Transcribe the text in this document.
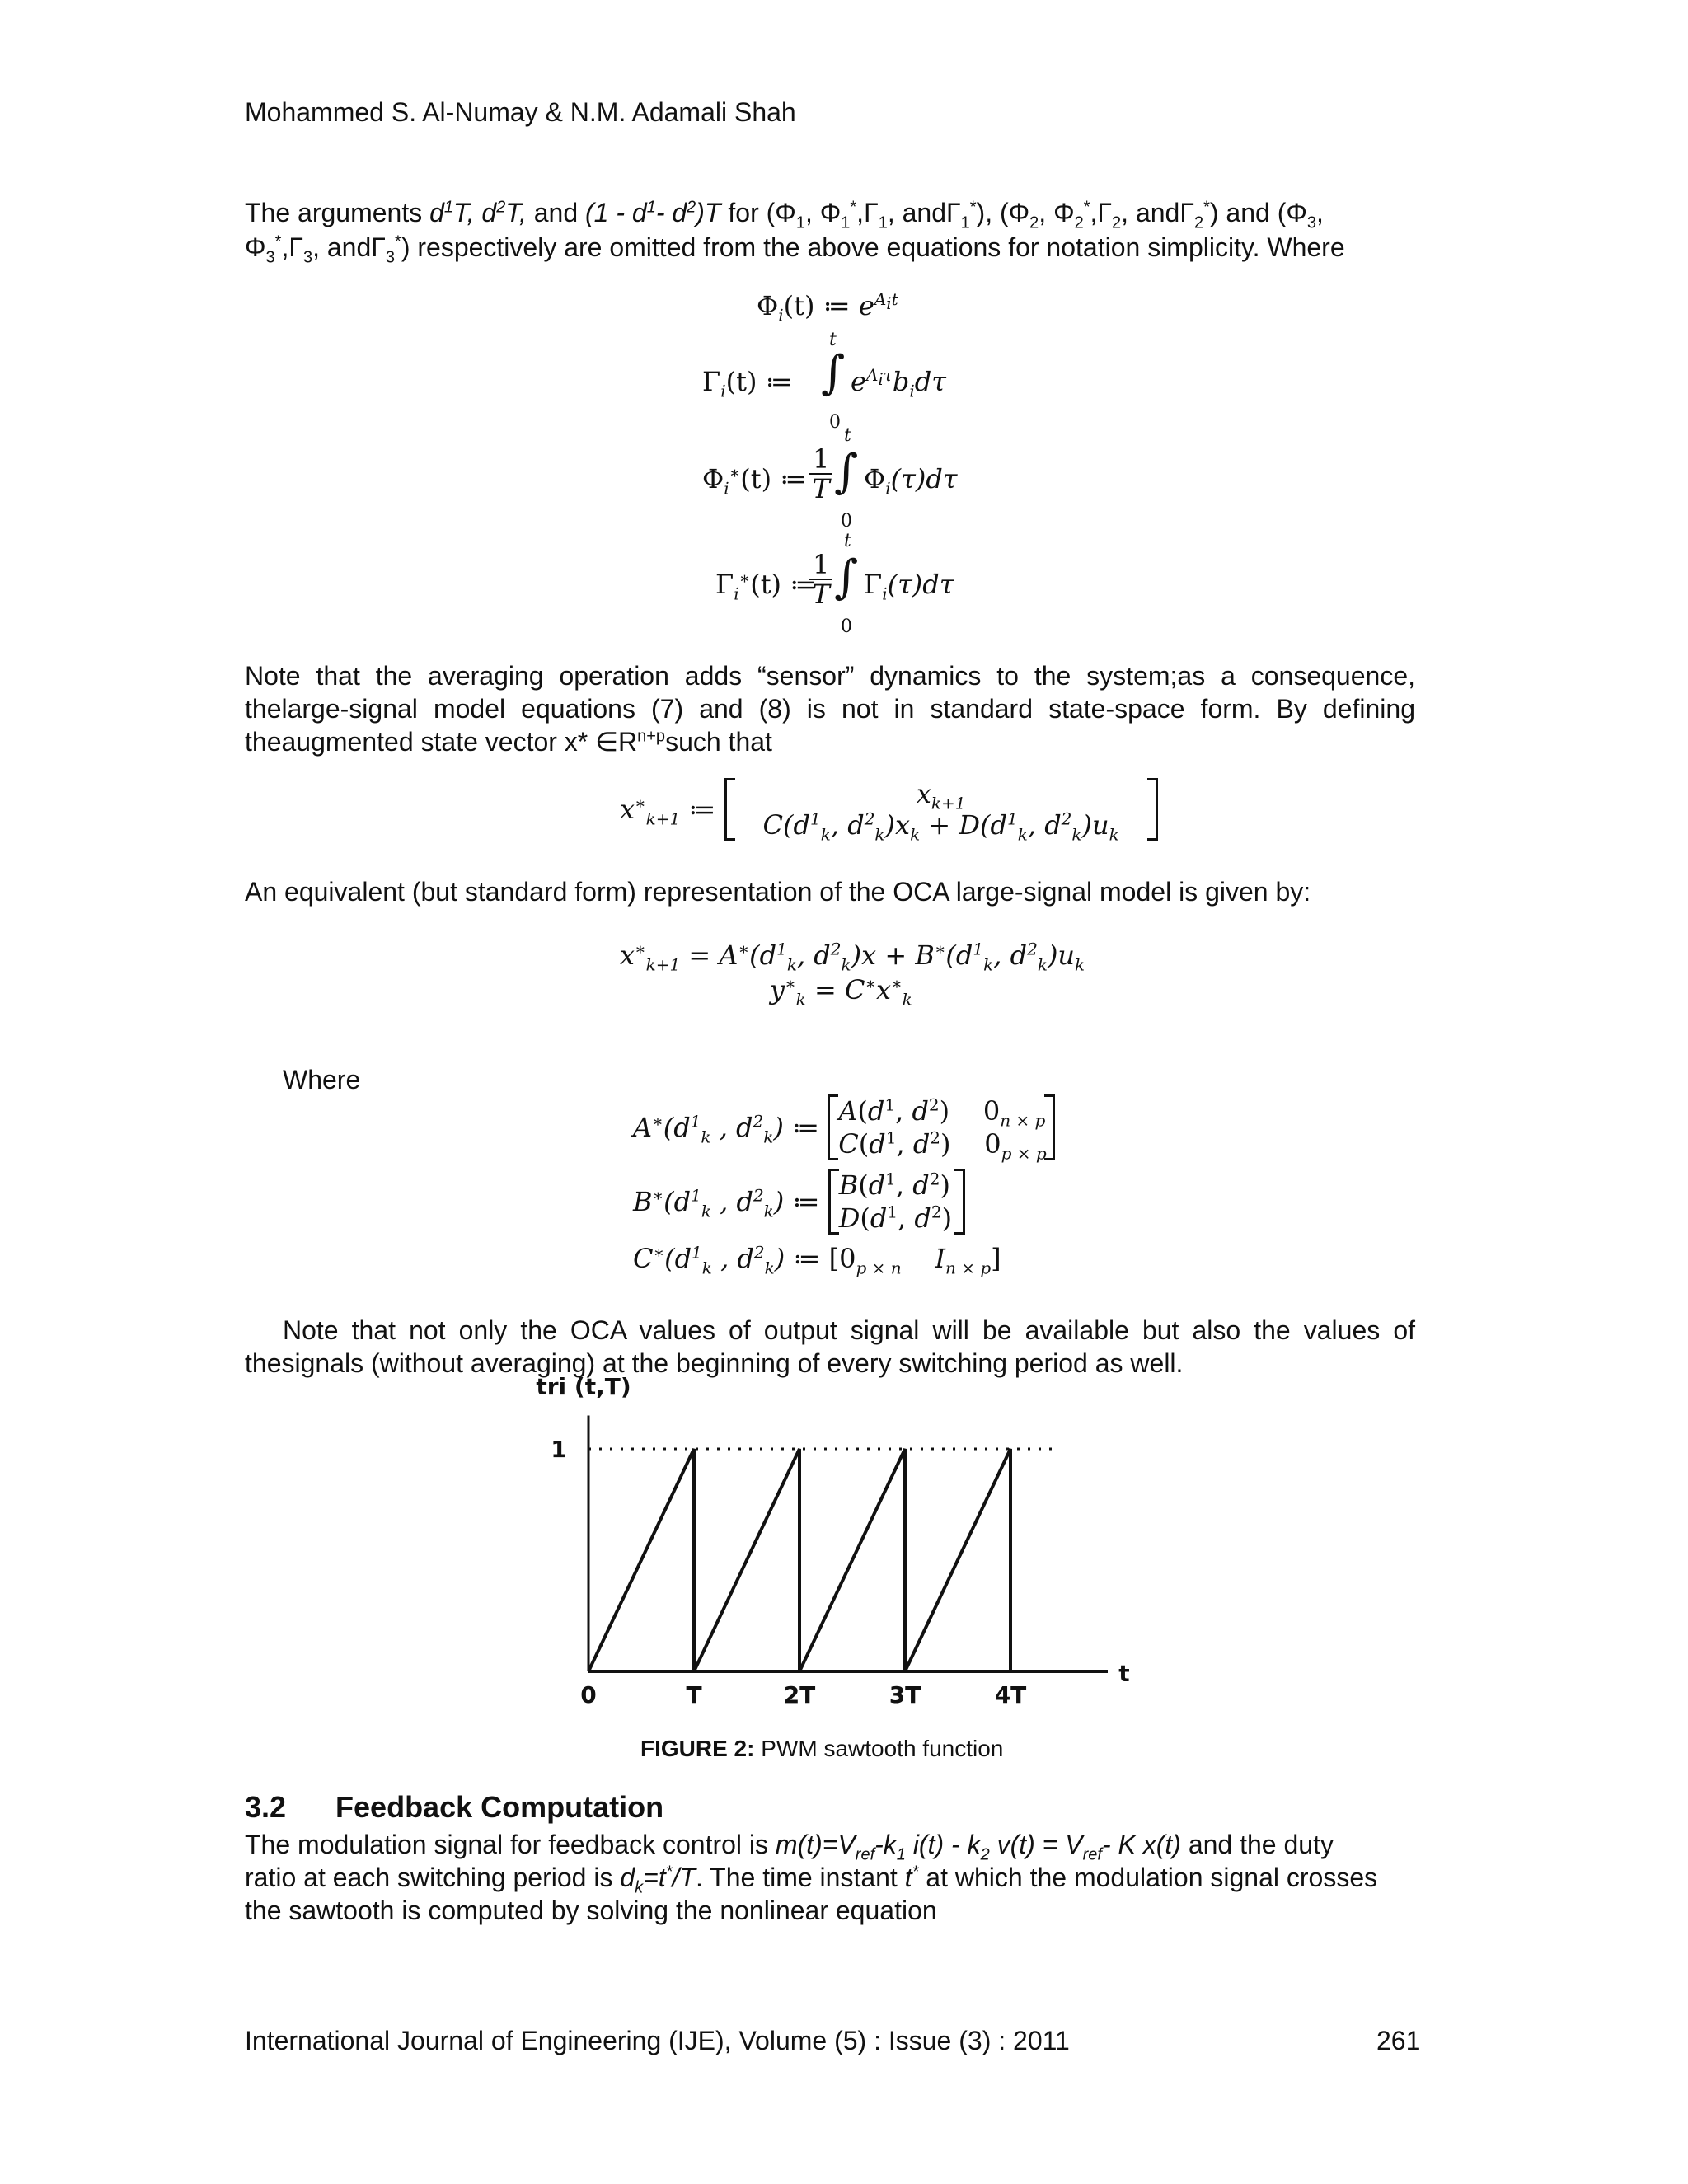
Mohammed S. Al-Numay & N.M. Adamali Shah
The arguments $d^1T$, $d^2T$, and ($1 - d^1-$ $d^2)T$ for ($\Phi_1$, $\Phi_1^*,\Gamma_1$, andΓ$_1$*), ($\Phi_2$, $\Phi_2^*,\Gamma_2$, andΓ$_2$*) and ($\Phi_3$,
$\Phi_3^*,\Gamma_3$, andΓ$_3$*) respectively are omitted from the above equations for notation simplicity. Where
$\Phi_i(t)$ ≔ $e^{A_it}$
t
$\Gamma_i(t)$ ≔ ∫ $e^{A_i\tau}b_id\tau$
0
t
$\Phi_i^∗(t)$ ≔ $\frac{1}{T}$ ∫ $\Phi_i(\tau)d\tau$
0
t
$\Gamma_i^∗(t)$ ≔
$\frac{1}{T}$ ∫ $\Gamma_i(\tau)d\tau$
0
Note that the averaging operation adds “sensor” dynamics to the system;as a consequence,
thelarge-signal model equations (7) and (8) is not in standard state-space form. By defining
theaugmented state vector x* $\in R^{n+p}such$ that
$x^∗_{k+1}$ ≔	$x_{k+1}$
$C(d^1_k$, $d^2_k)x_k + D(d^1_k$, $d^2_k)u_k$
An equivalent (but standard form) representation of the OCA large-signal model is given by:
$x^∗_{k+1} = A^∗(d^1_k$, $d^2_k)x + B^∗(d^1_k$, $d^2_k)u_k$
$y^∗_k = C^∗x^∗_k$
Where
$A^∗(d^1_k$ , $d^2_k$) ≔
$A(d^1$, $d^2$)    $0_{n \times p}$
$C(d^1$, $d^2$)    $0_{p \times p}$
$B^∗(d^1_k$ , $d^2_k$) ≔
$B(d^1$, $d^2$)
$D(d^1$, $d^2$)
$C^∗(d^1_k$ , $d^2_k$) ≔ [$0_{p \times n}$ $I_{n \times p}$]
Note that not only the OCA values of output signal will be available but also the values of
thesignals (without averaging) at the beginning of every switching period as well.
0	T	2T	3T	4T
1
t
tri (t,T)
FIGURE 2: PWM sawtooth function
3.2 Feedback Computation
The modulation signal for feedback control is $m(t)=V_{ref}-k_1$ $i(t) - k_2$ $v(t) = V_{ref}-$ K x(t) and the duty
ratio at each switching period is $d_k=t^*/T$. The time instant t* at which the modulation signal crosses
the sawtooth is computed by solving the nonlinear equation
International Journal of Engineering (IJE), Volume (5) : Issue (3) : 2011	261
